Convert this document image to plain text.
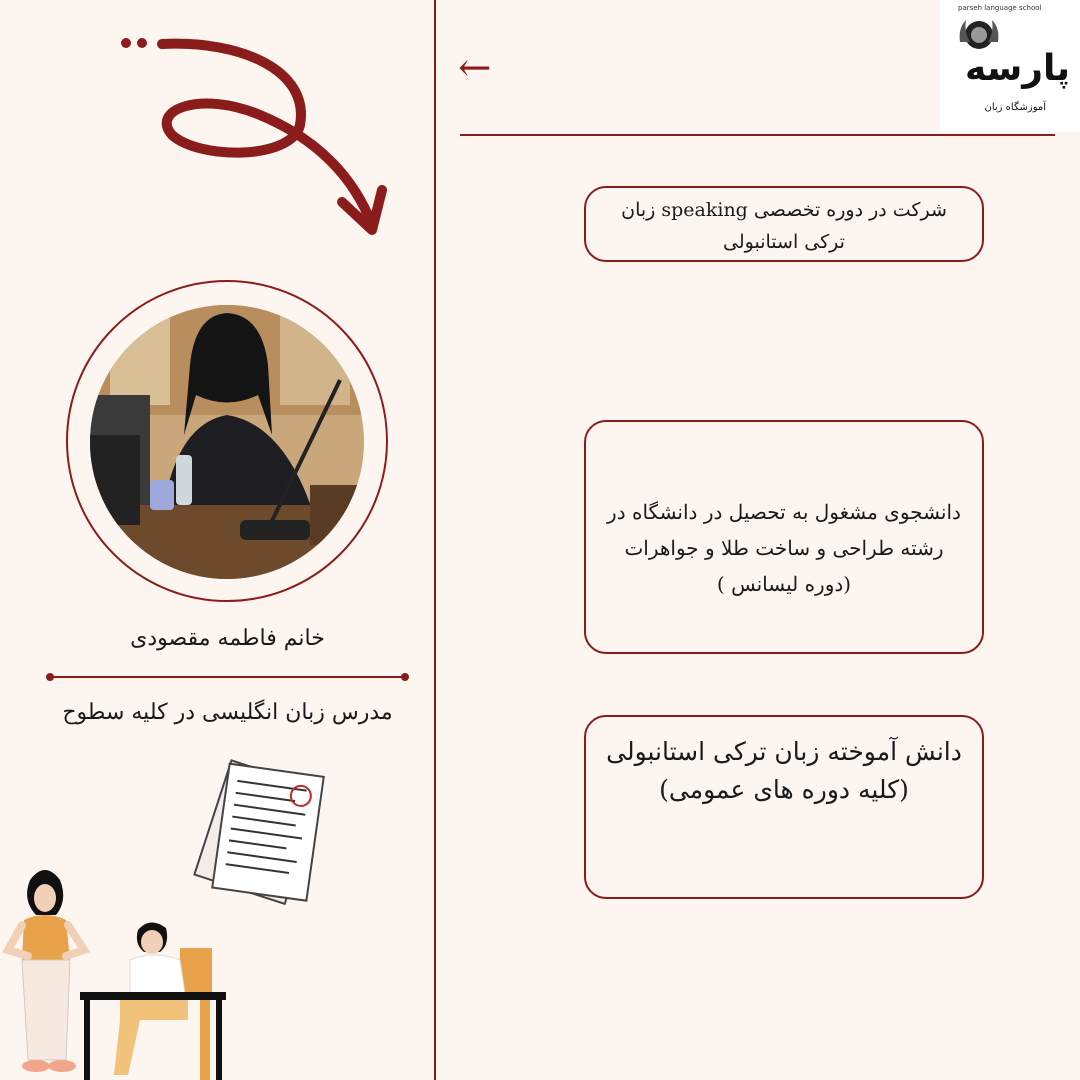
parseh language school
پارسه
آموزشگاه زبان
←
خانم فاطمه مقصودی
مدرس زبان انگلیسی در کلیه سطوح
شرکت در دوره تخصصی speaking زبان ترکی استانبولی
دانشجوی مشغول به تحصیل در دانشگاه در رشته طراحی و ساخت طلا و جواهرات (دوره لیسانس )
دانش آموخته زبان ترکی استانبولی (کلیه دوره های عمومی)
